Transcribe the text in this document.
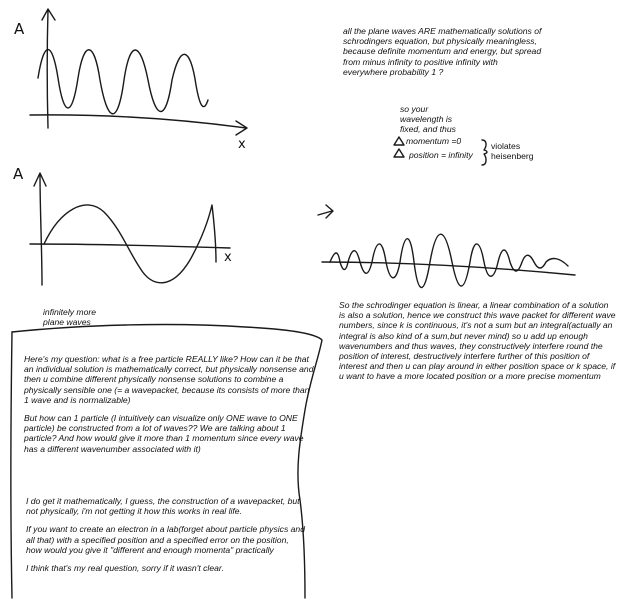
A
x
A
x
all the plane waves ARE mathematically solutions of schrodingers equation, but physically meaningless, because definite momentum and energy, but spread from minus infinity to positive infinity with everywhere probability 1 ?
so your wavelength is fixed, and thus
momentum =0
position = infinity
violates heisenberg
infinitely more plane waves
So the schrodinger equation is linear, a linear combination of a solution is also a solution, hence we construct this wave packet for different wave numbers, since k is continuous, it's not a sum but an integral(actually an integral is also kind of a sum,but never mind) so u add up enough wavenumbers and thus waves, they constructively interfere round the position of interest, destructively interfere further of this position of interest and then u can play around in either position space or k space, if u want to have a more located position or a more precise momentum
Here's my question: what is a free particle REALLY like? How can it be that an individual solution is mathematically correct, but physically nonsense and then u combine different physically nonsense solutions to combine a physically sensible one (= a wavepacket, because its consists of more than 1 wave and is normalizable)
But how can 1 particle (I intuitively can visualize only ONE wave to ONE particle) be constructed from a lot of waves?? We are talking about 1 particle? And how would give it more than 1 momentum since every wave has a different wavenumber associated with it)
I do get it mathematically, I guess, the construction of a wavepacket, but not physically, i'm not getting it how this works in real life.
If you want to create an electron in a lab(forget about particle physics and all that) with a specified position and a specified error on the position, how would you give it "different and enough momenta" practically
I think that's my real question, sorry if it wasn't clear.
